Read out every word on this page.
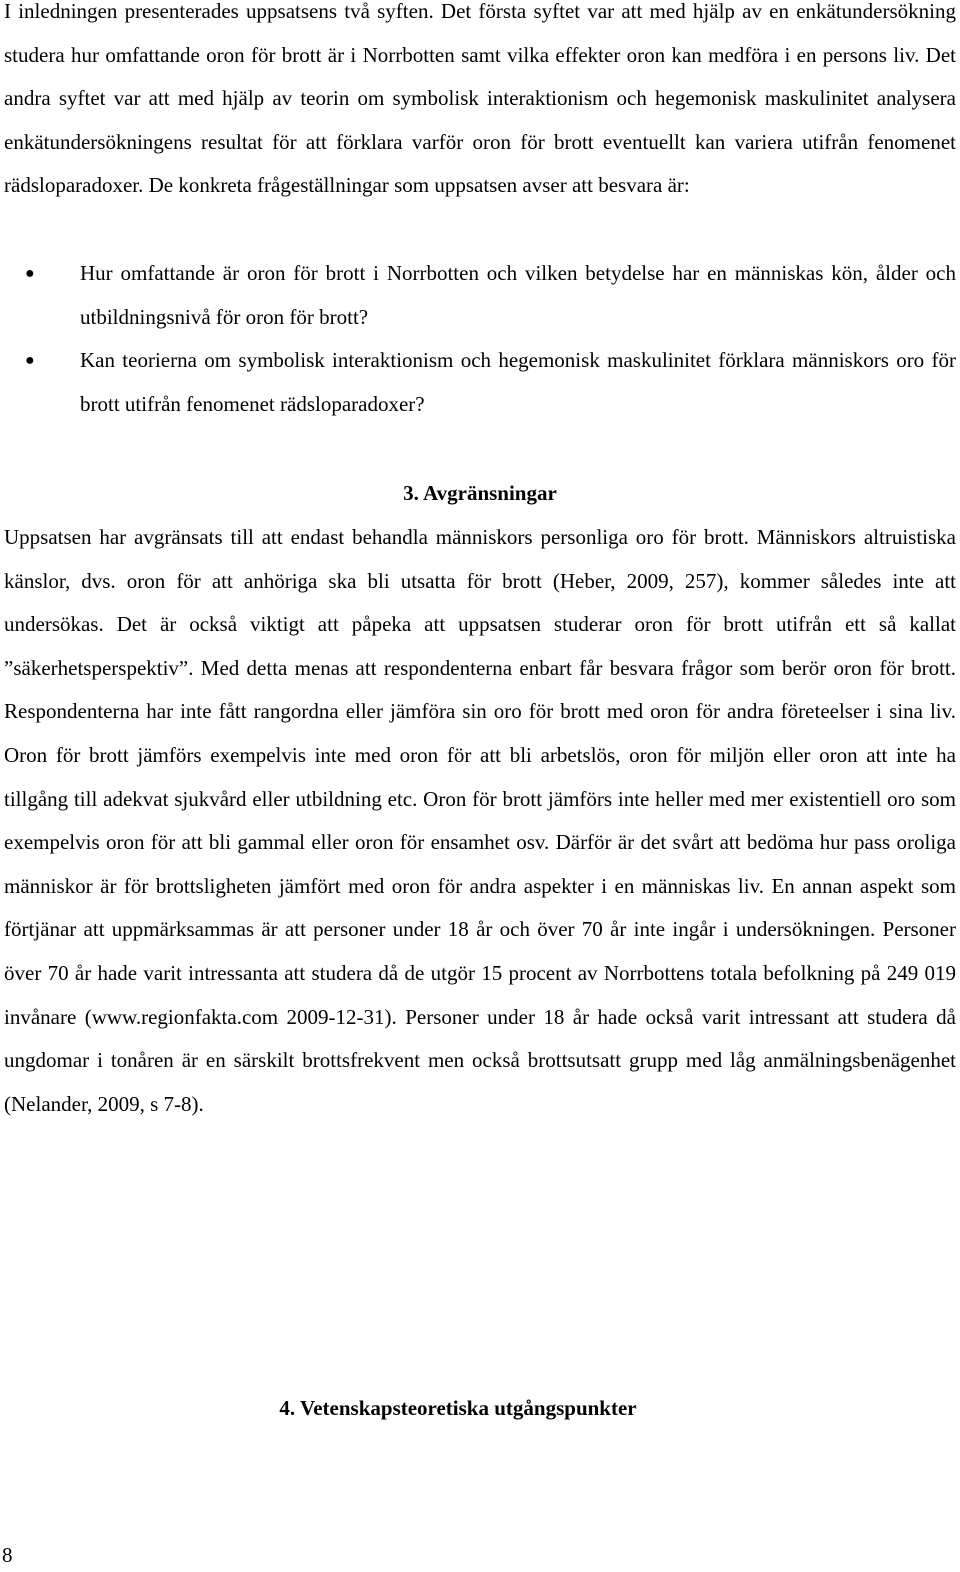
I inledningen presenterades uppsatsens två syften. Det första syftet var att med hjälp av en enkätundersökning studera hur omfattande oron för brott är i Norrbotten samt vilka effekter oron kan medföra i en persons liv. Det andra syftet var att med hjälp av teorin om symbolisk interaktionism och hegemonisk maskulinitet analysera enkätundersökningens resultat för att förklara varför oron för brott eventuellt kan variera utifrån fenomenet rädsloparadoxer. De konkreta frågeställningar som uppsatsen avser att besvara är:

● Hur omfattande är oron för brott i Norrbotten och vilken betydelse har en människas kön, ålder och utbildningsnivå för oron för brott?
● Kan teorierna om symbolisk interaktionism och hegemonisk maskulinitet förklara människors oro för brott utifrån fenomenet rädsloparadoxer?
3. Avgränsningar

Uppsatsen har avgränsats till att endast behandla människors personliga oro för brott. Människors altruistiska känslor, dvs. oron för att anhöriga ska bli utsatta för brott (Heber, 2009, 257), kommer således inte att undersökas. Det är också viktigt att påpeka att uppsatsen studerar oron för brott utifrån ett så kallat ”säkerhetsperspektiv”. Med detta menas att respondenterna enbart får besvara frågor som berör oron för brott. Respondenterna har inte fått rangordna eller jämföra sin oro för brott med oron för andra företeelser i sina liv. Oron för brott jämförs exempelvis inte med oron för att bli arbetslös, oron för miljön eller oron att inte ha tillgång till adekvat sjukvård eller utbildning etc. Oron för brott jämförs inte heller med mer existentiell oro som exempelvis oron för att bli gammal eller oron för ensamhet osv. Därför är det svårt att bedöma hur pass oroliga människor är för brottsligheten jämfört med oron för andra aspekter i en människas liv. En annan aspekt som förtjänar att uppmärksammas är att personer under 18 år och över 70 år inte ingår i undersökningen. Personer över 70 år hade varit intressanta att studera då de utgör 15 procent av Norrbottens totala befolkning på 249 019 invånare (www.regionfakta.com 2009-12-31). Personer under 18 år hade också varit intressant att studera då ungdomar i tonåren är en särskilt brottsfrekvent men också brottsutsatt grupp med låg anmälningsbenägenhet (Nelander, 2009, s 7-8).

4. Vetenskapsteoretiska utgångspunkter
8
